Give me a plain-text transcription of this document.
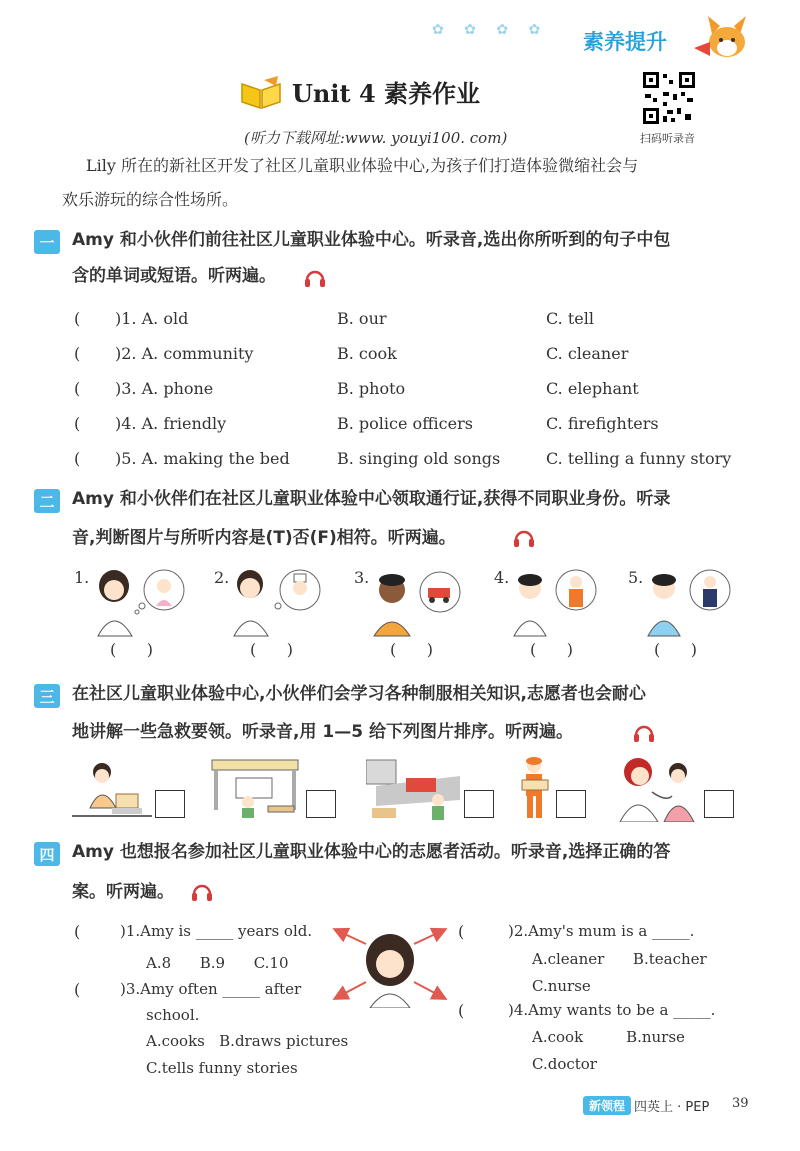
✿ ✿ ✿ ✿ 素养提升
Unit 4 素养作业
扫码听录音
(听力下载网址:www. youyi100. com)
Lily 所在的新社区开发了社区儿童职业体验中心,为孩子们打造体验微缩社会与
欢乐游玩的综合性场所。
一	Amy 和小伙伴们前往社区儿童职业体验中心。听录音,选出你所听到的句子中包
含的单词或短语。听两遍。
( )1. A. old	B. our	C. tell
( )2. A. community	B. cook	C. cleaner
( )3. A. phone	B. photo	C. elephant
( )4. A. friendly	B. police officers	C. firefighters
( )5. A. making the bed	B. singing old songs	C. telling a funny story
二	Amy 和小伙伴们在社区儿童职业体验中心领取通行证,获得不同职业身份。听录
音,判断图片与所听内容是(T)否(F)相符。听两遍。
1.
(      )
2.
(      )
3.
(      )
4.
(      )
5.
(      )
三	在社区儿童职业体验中心,小伙伴们会学习各种制服相关知识,志愿者也会耐心
地讲解一些急救要领。听录音,用 1—5 给下列图片排序。听两遍。
四	Amy 也想报名参加社区儿童职业体验中心的志愿者活动。听录音,选择正确的答
案。听两遍。
(	)1.Amy is _____ years old.
A.8      B.9      C.10
(	)3.Amy often _____ after
school.
A.cooks   B.draws pictures
C.tells funny stories
(	)2.Amy's mum is a _____.
A.cleaner      B.teacher
C.nurse
(	)4.Amy wants to be a _____.
A.cook         B.nurse
C.doctor
新领程 四英上 · PEP 39
